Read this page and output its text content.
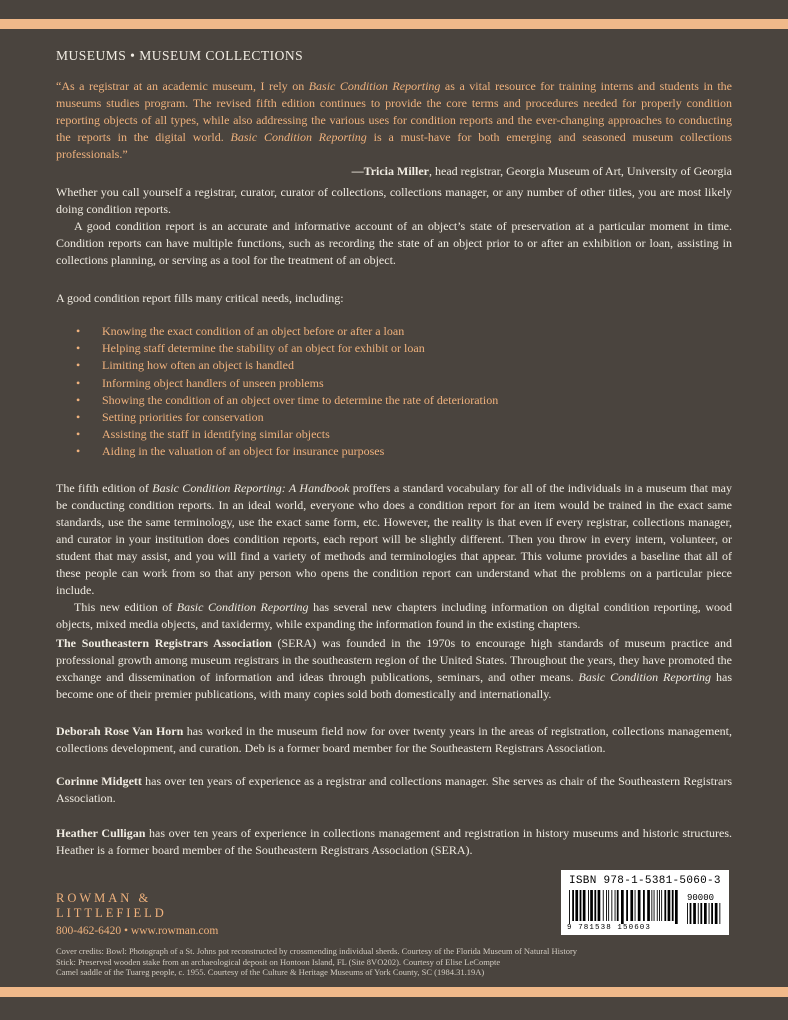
MUSEUMS • MUSEUM COLLECTIONS
“As a registrar at an academic museum, I rely on Basic Condition Reporting as a vital resource for training interns and students in the museums studies program. The revised fifth edition continues to provide the core terms and procedures needed for properly condition reporting objects of all types, while also addressing the various uses for condition reports and the ever-changing approaches to conducting the reports in the digital world. Basic Condition Reporting is a must-have for both emerging and seasoned museum collections professionals.”
—Tricia Miller, head registrar, Georgia Museum of Art, University of Georgia

Whether you call yourself a registrar, curator, curator of collections, collections manager, or any number of other titles, you are most likely doing condition reports.

A good condition report is an accurate and informative account of an object’s state of preservation at a particular moment in time. Condition reports can have multiple functions, such as recording the state of an object prior to or after an exhibition or loan, assisting in collections planning, or serving as a tool for the treatment of an object.

A good condition report fills many critical needs, including:
• Knowing the exact condition of an object before or after a loan
• Helping staff determine the stability of an object for exhibit or loan
• Limiting how often an object is handled
• Informing object handlers of unseen problems
• Showing the condition of an object over time to determine the rate of deterioration
• Setting priorities for conservation
• Assisting the staff in identifying similar objects
• Aiding in the valuation of an object for insurance purposes

The fifth edition of Basic Condition Reporting: A Handbook proffers a standard vocabulary for all of the individuals in a museum that may be conducting condition reports. In an ideal world, everyone who does a condition report for an item would be trained in the exact same standards, use the same terminology, use the exact same form, etc. However, the reality is that even if every registrar, collections manager, and curator in your institution does condition reports, each report will be slightly different. Then you throw in every intern, volunteer, or student that may assist, and you will find a variety of methods and terminologies that appear. This volume provides a baseline that all of these people can work from so that any person who opens the condition report can understand what the problems on a particular piece include.

This new edition of Basic Condition Reporting has several new chapters including information on digital condition reporting, wood objects, mixed media objects, and taxidermy, while expanding the information found in the existing chapters.

The Southeastern Registrars Association (SERA) was founded in the 1970s to encourage high standards of museum practice and professional growth among museum registrars in the southeastern region of the United States. Throughout the years, they have promoted the exchange and dissemination of information and ideas through publications, seminars, and other means. Basic Condition Reporting has become one of their premier publications, with many copies sold both domestically and internationally.

Deborah Rose Van Horn has worked in the museum field now for over twenty years in the areas of registration, collections management, collections development, and curation. Deb is a former board member for the Southeastern Registrars Association.

Corinne Midgett has over ten years of experience as a registrar and collections manager. She serves as chair of the Southeastern Registrars Association.

Heather Culligan has over ten years of experience in collections management and registration in history museums and historic structures. Heather is a former board member of the Southeastern Registrars Association (SERA).

ROWMAN &
LITTLEFIELD
800-462-6420 • www.rowman.com
Cover credits: Bowl: Photograph of a St. Johns pot reconstructed by crossmending individual sherds. Courtesy of the Florida Museum of Natural History
Stick: Preserved wooden stake from an archaeological deposit on Hontoon Island, FL (Site 8VO202). Courtesy of Elise LeCompte
Camel saddle of the Tuareg people, c. 1955. Courtesy of the Culture & Heritage Museums of York County, SC (1984.31.19A)
ISBN 978-1-5381-5060-3
90000
9 781538 150603
